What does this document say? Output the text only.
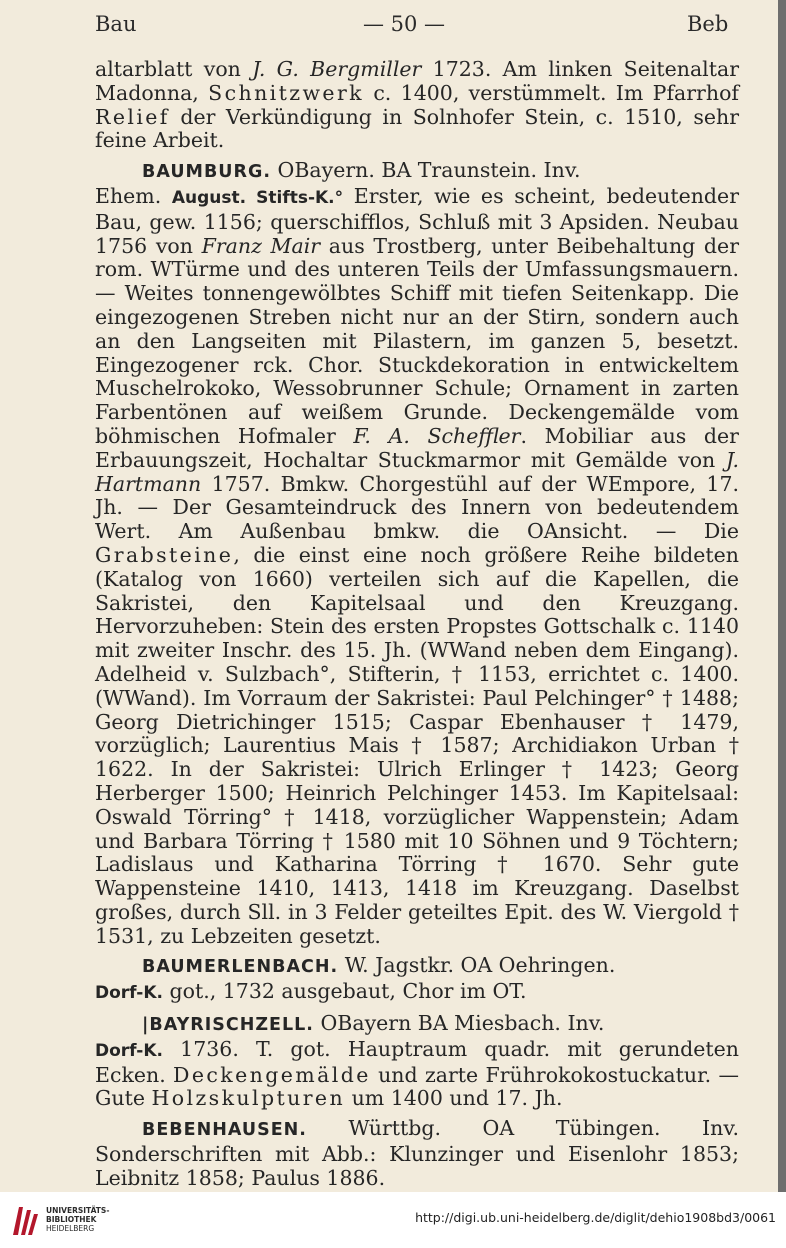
Bau	— 50 —	Beb

altarblatt von J. G. Bergmiller 1723. Am linken Seitenaltar Madonna, Schnitzwerk c. 1400, verstümmelt. Im Pfarrhof Relief der Verkündigung in Solnhofer Stein, c. 1510, sehr feine Arbeit.

BAUMBURG. OBayern. BA Traunstein. Inv.

Ehem. August. Stifts-K.° Erster, wie es scheint, bedeutender Bau, gew. 1156; querschifflos, Schluß mit 3 Apsiden. Neubau 1756 von Franz Mair aus Trostberg, unter Beibehaltung der rom. WTürme und des unteren Teils der Umfassungsmauern. — Weites tonnengewölbtes Schiff mit tiefen Seitenkapp. Die eingezogenen Streben nicht nur an der Stirn, sondern auch an den Langseiten mit Pilastern, im ganzen 5, besetzt. Eingezogener rck. Chor. Stuckdekoration in entwickeltem Muschelrokoko, Wessobrunner Schule; Ornament in zarten Farbentönen auf weißem Grunde. Deckengemälde vom böhmischen Hofmaler F. A. Scheffler. Mobiliar aus der Erbauungszeit, Hochaltar Stuckmarmor mit Gemälde von J. Hartmann 1757. Bmkw. Chorgestühl auf der WEmpore, 17. Jh. — Der Gesamteindruck des Innern von bedeutendem Wert. Am Außenbau bmkw. die OAnsicht. — Die Grabsteine, die einst eine noch größere Reihe bildeten (Katalog von 1660) verteilen sich auf die Kapellen, die Sakristei, den Kapitelsaal und den Kreuzgang. Hervorzuheben: Stein des ersten Propstes Gottschalk c. 1140 mit zweiter Inschr. des 15. Jh. (WWand neben dem Eingang). Adelheid v. Sulzbach°, Stifterin, † 1153, errichtet c. 1400. (WWand). Im Vorraum der Sakristei: Paul Pelchinger° † 1488; Georg Dietrichinger 1515; Caspar Ebenhauser † 1479, vorzüglich; Laurentius Mais † 1587; Archidiakon Urban † 1622. In der Sakristei: Ulrich Erlinger † 1423; Georg Herberger 1500; Heinrich Pelchinger 1453. Im Kapitelsaal: Oswald Törring° † 1418, vorzüglicher Wappenstein; Adam und Barbara Törring † 1580 mit 10 Söhnen und 9 Töchtern; Ladislaus und Katharina Törring † 1670. Sehr gute Wappensteine 1410, 1413, 1418 im Kreuzgang. Daselbst großes, durch Sll. in 3 Felder geteiltes Epit. des W. Viergold † 1531, zu Lebzeiten gesetzt.

BAUMERLENBACH. W. Jagstkr. OA Oehringen.

Dorf-K. got., 1732 ausgebaut, Chor im OT.

|BAYRISCHZELL. OBayern BA Miesbach. Inv.

Dorf-K. 1736. T. got. Hauptraum quadr. mit gerundeten Ecken. Deckengemälde und zarte Frührokokostuckatur. — Gute Holzskulpturen um 1400 und 17. Jh.

BEBENHAUSEN. Württbg. OA Tübingen. Inv. Sonderschriften mit Abb.: Klunzinger und Eisenlohr 1853; Leibnitz 1858; Paulus 1886.

UNIVERSITÄTS-
BIBLIOTHEK
HEIDELBERG
http://digi.ub.uni-heidelberg.de/diglit/dehio1908bd3/0061
